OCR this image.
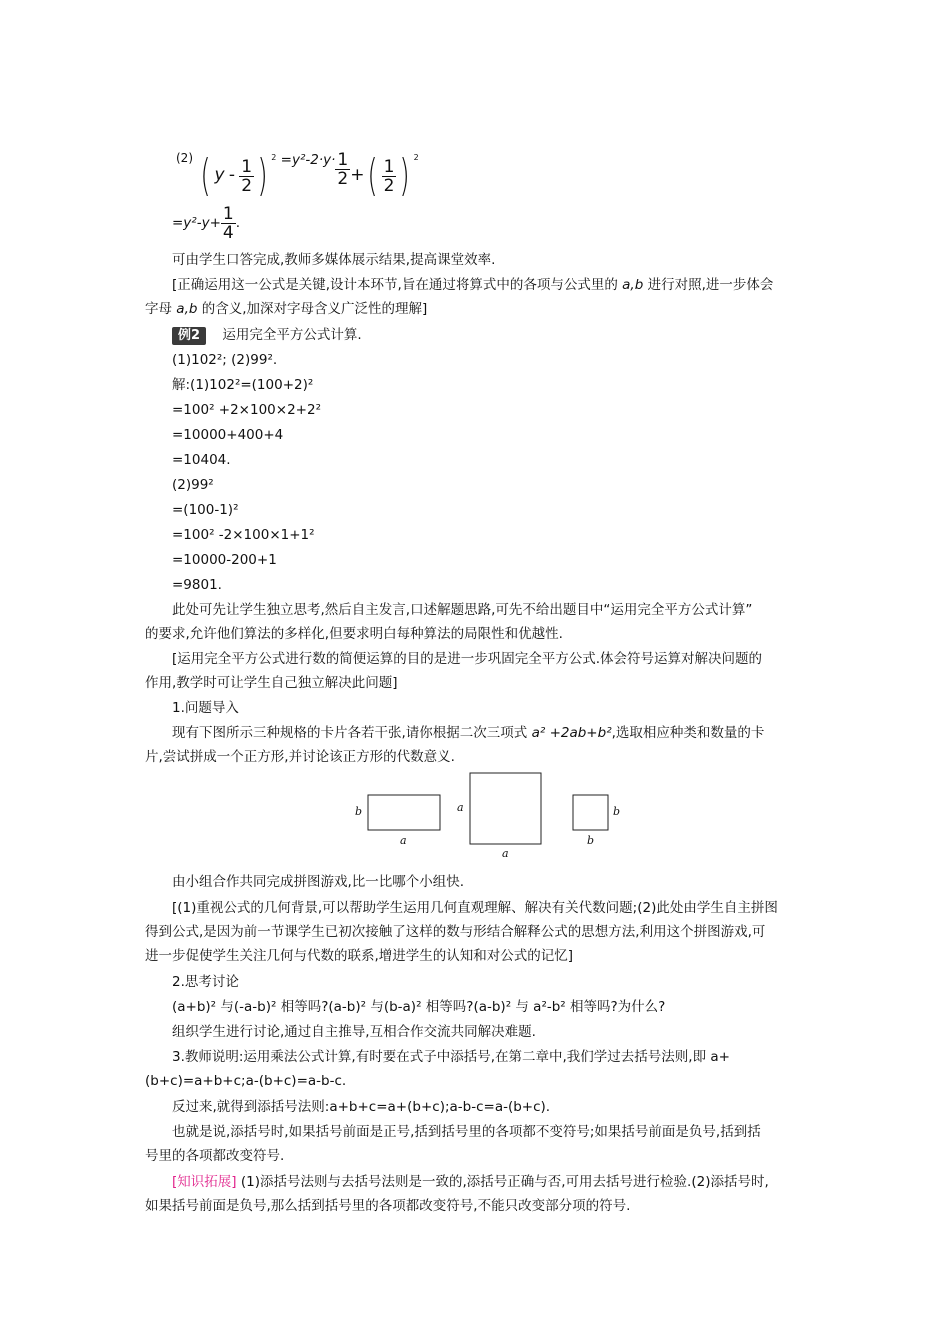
(2) ( y - $\frac{1}{2}$ ) $^2 =y^2-2\cdot y\cdot \frac{1}{2}$ +( $\frac{1}{2}$ ) $^2$
$=y^2-y+ \frac{1}{4}$ .
可由学生口答完成,教师多媒体展示结果,提高课堂效率.
[正确运用这一公式是关键,设计本环节,旨在通过将算式中的各项与公式里的 a,b 进行对照,进一步体会
字母 a,b 的含义,加深对字母含义广泛性的理解]
例2 运用完全平方公式计算.
(1)102²; (2)99².
解:(1)102²=(100+2)²
=100² +2×100×2+2²
=10000+400+4
=10404.
(2)99²
=(100-1)²
=100² -2×100×1+1²
=10000-200+1
=9801.
此处可先让学生独立思考,然后自主发言,口述解题思路,可先不给出题目中“运用完全平方公式计算”
的要求,允许他们算法的多样化,但要求明白每种算法的局限性和优越性.
[运用完全平方公式进行数的简便运算的目的是进一步巩固完全平方公式.体会符号运算对解决问题的
作用,教学时可让学生自己独立解决此问题]
1.问题导入
现有下图所示三种规格的卡片各若干张,请你根据二次三项式 a² +2ab+b²,选取相应种类和数量的卡
片,尝试拼成一个正方形,并讨论该正方形的代数意义.
b
a
a
a
b
b
由小组合作共同完成拼图游戏,比一比哪个小组快.
[(1)重视公式的几何背景,可以帮助学生运用几何直观理解、解决有关代数问题;(2)此处由学生自主拼图
得到公式,是因为前一节课学生已初次接触了这样的数与形结合解释公式的思想方法,利用这个拼图游戏,可
进一步促使学生关注几何与代数的联系,增进学生的认知和对公式的记忆]
2.思考讨论
(a+b)² 与(-a-b)² 相等吗?(a-b)² 与(b-a)² 相等吗?(a-b)² 与 a²-b² 相等吗?为什么?
组织学生进行讨论,通过自主推导,互相合作交流共同解决难题.
3.教师说明:运用乘法公式计算,有时要在式子中添括号,在第二章中,我们学过去括号法则,即 a+
(b+c)=a+b+c;a-(b+c)=a-b-c.
反过来,就得到添括号法则:a+b+c=a+(b+c);a-b-c=a-(b+c).
也就是说,添括号时,如果括号前面是正号,括到括号里的各项都不变符号;如果括号前面是负号,括到括
号里的各项都改变符号.
[知识拓展] (1)添括号法则与去括号法则是一致的,添括号正确与否,可用去括号进行检验.(2)添括号时,
如果括号前面是负号,那么括到括号里的各项都改变符号,不能只改变部分项的符号.
